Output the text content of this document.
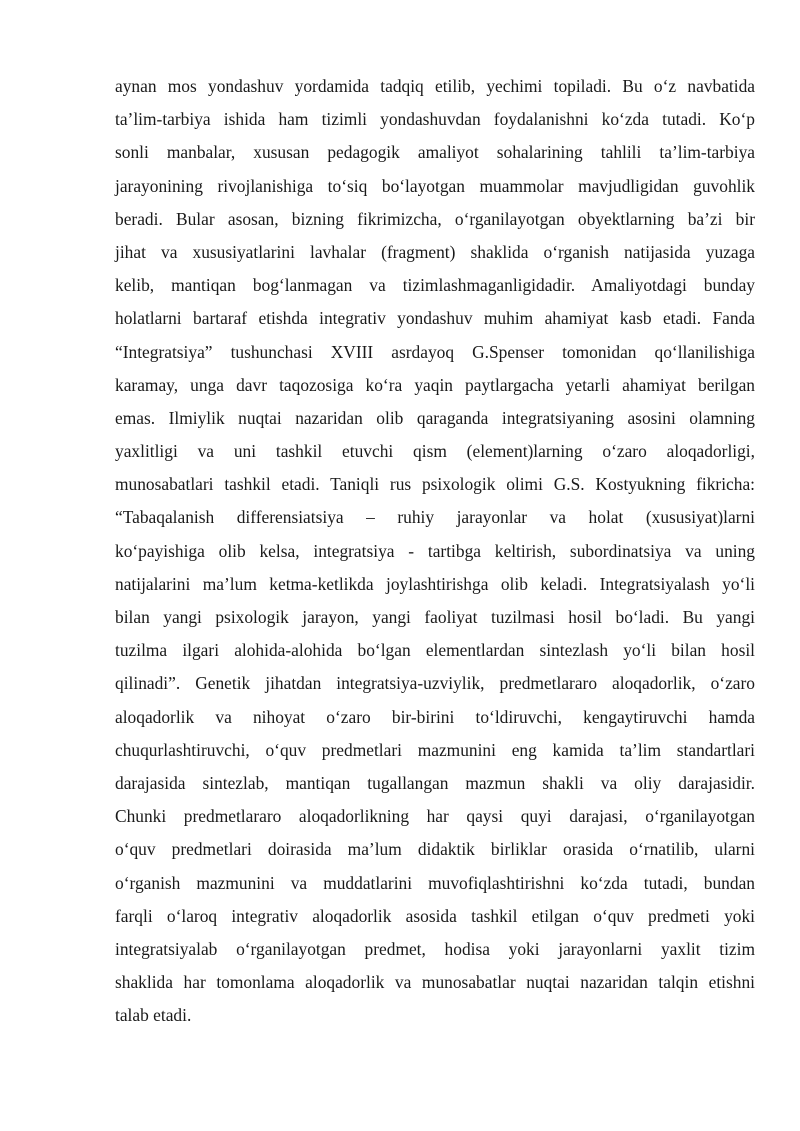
aynan mos yondashuv yordamida tadqiq etilib, yechimi topiladi. Bu o‘z navbatida
ta’lim-tarbiya ishida ham tizimli yondashuvdan foydalanishni ko‘zda tutadi. Ko‘p
sonli manbalar, xususan pedagogik amaliyot sohalarining tahlili ta’lim-tarbiya
jarayonining rivojlanishiga to‘siq bo‘layotgan muammolar mavjudligidan guvohlik
beradi. Bular asosan, bizning fikrimizcha, o‘rganilayotgan obyektlarning ba’zi bir
jihat va xususiyatlarini lavhalar (fragment) shaklida o‘rganish natijasida yuzaga
kelib, mantiqan bog‘lanmagan va tizimlashmaganligidadir. Amaliyotdagi bunday
holatlarni bartaraf etishda integrativ yondashuv muhim ahamiyat kasb etadi. Fanda
“Integratsiya” tushunchasi XVIII asrdayoq G.Spenser tomonidan qo‘llanilishiga
karamay, unga davr taqozosiga ko‘ra yaqin paytlargacha yetarli ahamiyat berilgan
emas. Ilmiylik nuqtai nazaridan olib qaraganda integratsiyaning asosini olamning
yaxlitligi va uni tashkil etuvchi qism (element)larning o‘zaro aloqadorligi,
munosabatlari tashkil etadi. Taniqli rus psixologik olimi G.S. Kostyukning fikricha:
“Tabaqalanish differensiatsiya – ruhiy jarayonlar va holat (xususiyat)larni
ko‘payishiga olib kelsa, integratsiya - tartibga keltirish, subordinatsiya va uning
natijalarini ma’lum ketma-ketlikda joylashtirishga olib keladi. Integratsiyalash yo‘li
bilan yangi psixologik jarayon, yangi faoliyat tuzilmasi hosil bo‘ladi. Bu yangi
tuzilma ilgari alohida-alohida bo‘lgan elementlardan sintezlash yo‘li bilan hosil
qilinadi”. Genetik jihatdan integratsiya-uzviylik, predmetlararo aloqadorlik, o‘zaro
aloqadorlik va nihoyat o‘zaro bir-birini to‘ldiruvchi, kengaytiruvchi hamda
chuqurlashtiruvchi, o‘quv predmetlari mazmunini eng kamida ta’lim standartlari
darajasida sintezlab, mantiqan tugallangan mazmun shakli va oliy darajasidir.
Chunki predmetlararo aloqadorlikning har qaysi quyi darajasi, o‘rganilayotgan
o‘quv predmetlari doirasida ma’lum didaktik birliklar orasida o‘rnatilib, ularni
o‘rganish mazmunini va muddatlarini muvofiqlashtirishni ko‘zda tutadi, bundan
farqli o‘laroq integrativ aloqadorlik asosida tashkil etilgan o‘quv predmeti yoki
integratsiyalab o‘rganilayotgan predmet, hodisa yoki jarayonlarni yaxlit tizim
shaklida har tomonlama aloqadorlik va munosabatlar nuqtai nazaridan talqin etishni
talab etadi.
